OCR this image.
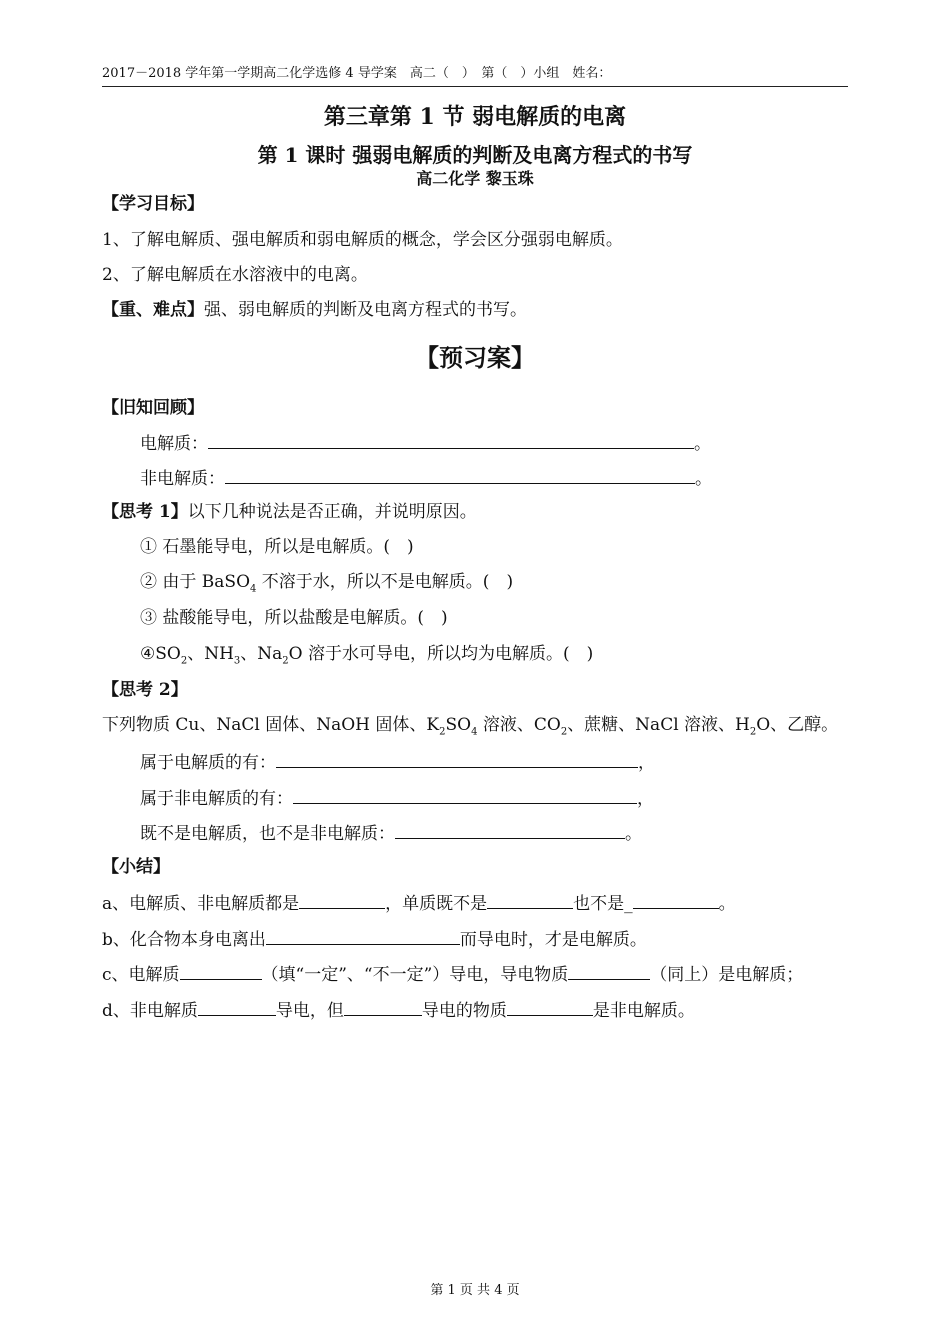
2017－2018 学年第一学期高二化学选修 4 导学案　高二（　）　第（　）小组　姓名：
第三章第 1 节 弱电解质的电离
第 1 课时 强弱电解质的判断及电离方程式的书写
高二化学 黎玉珠
【学习目标】
1、了解电解质、强电解质和弱电解质的概念，学会区分强弱电解质。
2、了解电解质在水溶液中的电离。
【重、难点】强、弱电解质的判断及电离方程式的书写。
【预习案】
【旧知回顾】
电解质：	。
非电解质：	。
【思考 1】以下几种说法是否正确，并说明原因。
① 石墨能导电，所以是电解质。(　)
② 由于 BaSO$_4$ 不溶于水，所以不是电解质。(　)
③ 盐酸能导电，所以盐酸是电解质。(　)
$④SO_2$、$NH_3$、$Na_2O$ 溶于水可导电，所以均为电解质。(　)
【思考 2】
下列物质 Cu、NaCl 固体、NaOH 固体、$K_2SO_4$ 溶液、$CO_2$、蔗糖、NaCl 溶液、$H_2O$、乙醇。
属于电解质的有：	，
属于非电解质的有：	，
既不是电解质，也不是非电解质：	。
【小结】
a、电解质、非电解质都是	，单质既不是	也不是_	。
b、化合物本身电离出	而导电时，才是电解质。
c、电解质	（填“一定”、“不一定”）导电，导电物质	（同上）是电解质；
d、非电解质	导电，但	导电的物质	是非电解质。
第 1 页 共 4 页
